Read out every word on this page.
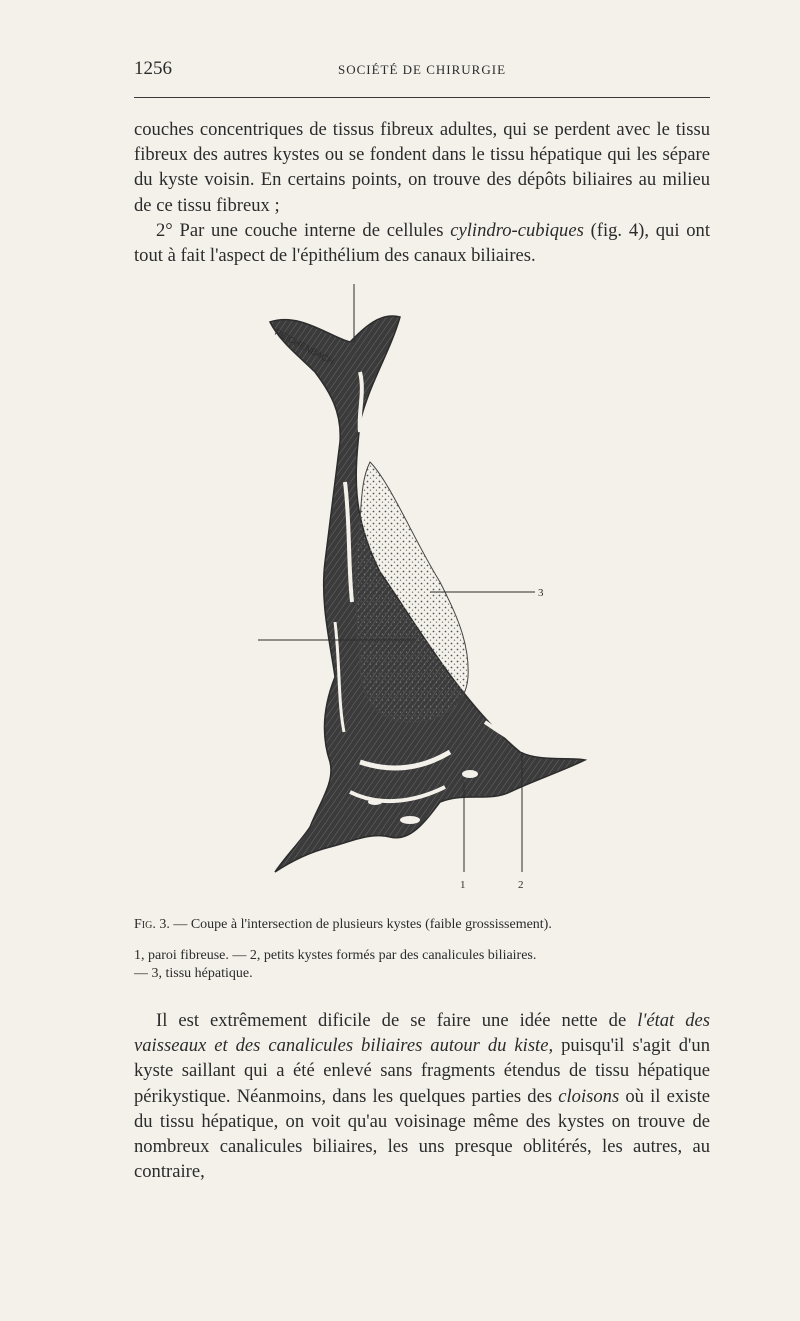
1256	SOCIÉTÉ DE CHIRURGIE

couches concentriques de tissus fibreux adultes, qui se perdent avec le tissu fibreux des autres kystes ou se fondent dans le tissu hépatique qui les sépare du kyste voisin. En certains points, on trouve des dépôts biliaires au milieu de ce tissu fibreux ;

2° Par une couche interne de cellules cylindro-cubiques (fig. 4), qui ont tout à fait l'aspect de l'épithélium des canaux biliaires.

REICHENBACH
3
1	2
Fig. 3. — Coupe à l'intersection de plusieurs kystes (faible grossissement).

1, paroi fibreuse. — 2, petits kystes formés par des canalicules biliaires.

— 3, tissu hépatique.

Il est extrêmement dificile de se faire une idée nette de l'état des vaisseaux et des canalicules biliaires autour du kiste, puisqu'il s'agit d'un kyste saillant qui a été enlevé sans fragments étendus de tissu hépatique périkystique. Néanmoins, dans les quelques parties des cloisons où il existe du tissu hépatique, on voit qu'au voisinage même des kystes on trouve de nombreux canalicules biliaires, les uns presque oblitérés, les autres, au contraire,
